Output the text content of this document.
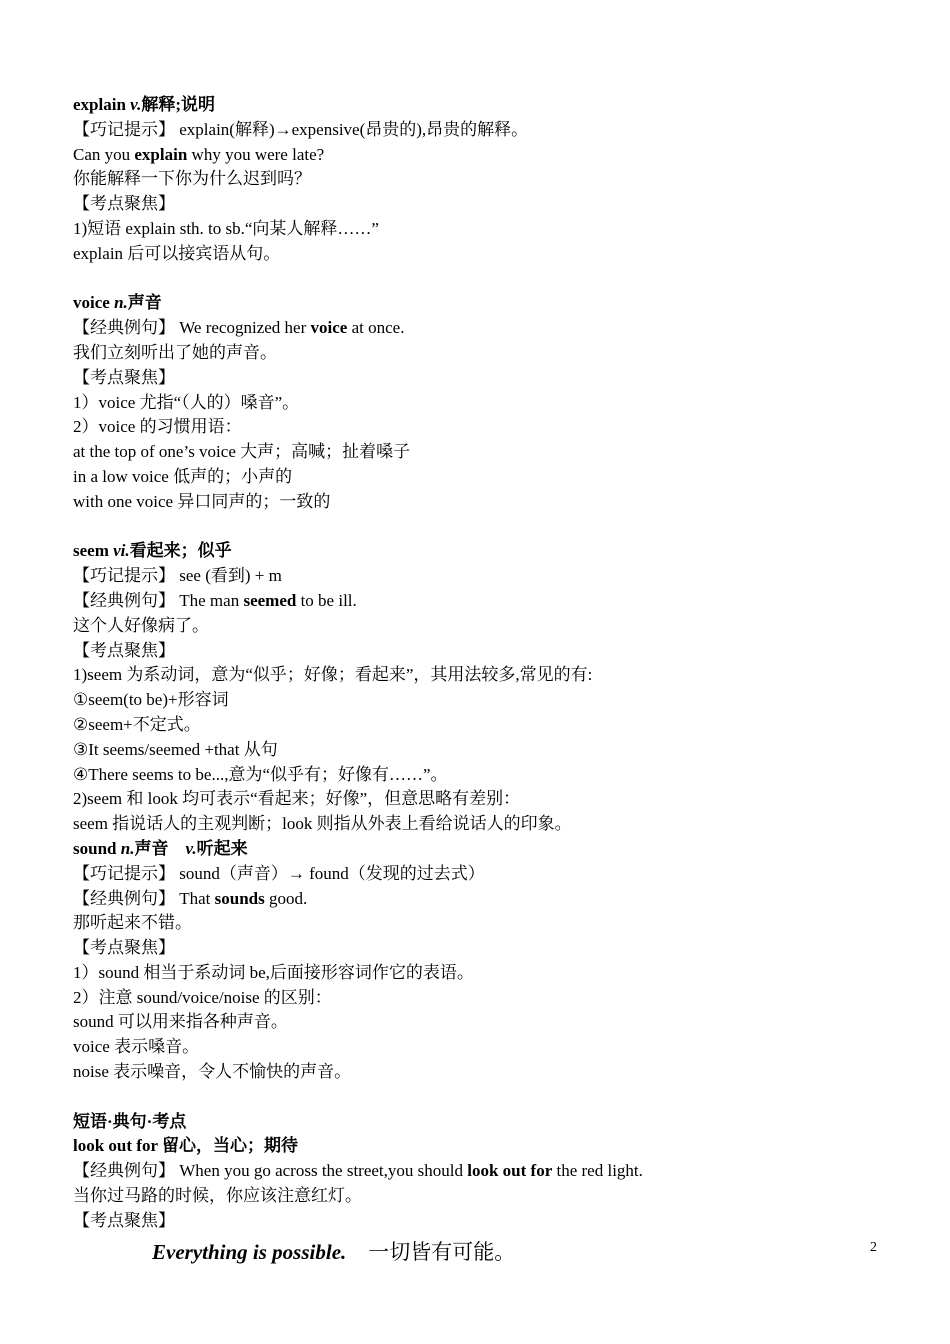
explain v.解释;说明
【巧记提示】 explain(解释)→expensive(昂贵的),昂贵的解释。
Can you explain why you were late?
你能解释一下你为什么迟到吗？
【考点聚焦】
1)短语 explain sth. to sb.“向某人解释……”
explain 后可以接宾语从句。
voice n.声音
【经典例句】 We recognized her voice at once.
我们立刻听出了她的声音。
【考点聚焦】
1）voice 尤指“（人的）嗓音”。
2）voice 的习惯用语：
at the top of one’s voice 大声；高喊；扯着嗓子
in a low voice 低声的；小声的
with one voice 异口同声的；一致的
seem vi.看起来；似乎
【巧记提示】 see (看到) + m
【经典例句】 The man seemed to be ill.
这个人好像病了。
【考点聚焦】
1)seem 为系动词，意为“似乎；好像；看起来”，其用法较多,常见的有:
①seem(to be)+形容词
②seem+不定式。
③It seems/seemed +that 从句
④There seems to be...,意为“似乎有；好像有……”。
2)seem 和 look 均可表示“看起来；好像”，但意思略有差别：
seem 指说话人的主观判断；look 则指从外表上看给说话人的印象。
sound n.声音　v.听起来
【巧记提示】 sound（声音）→ found（发现的过去式）
【经典例句】 That sounds good.
那听起来不错。
【考点聚焦】
1）sound 相当于系动词 be,后面接形容词作它的表语。
2）注意 sound/voice/noise 的区别：
sound 可以用来指各种声音。
voice 表示嗓音。
noise 表示噪音，令人不愉快的声音。
短语·典句·考点
look out for 留心，当心；期待
【经典例句】 When you go across the street,you should look out for the red light.
当你过马路的时候，你应该注意红灯。
【考点聚焦】
Everything is possible. 一切皆有可能。	2
